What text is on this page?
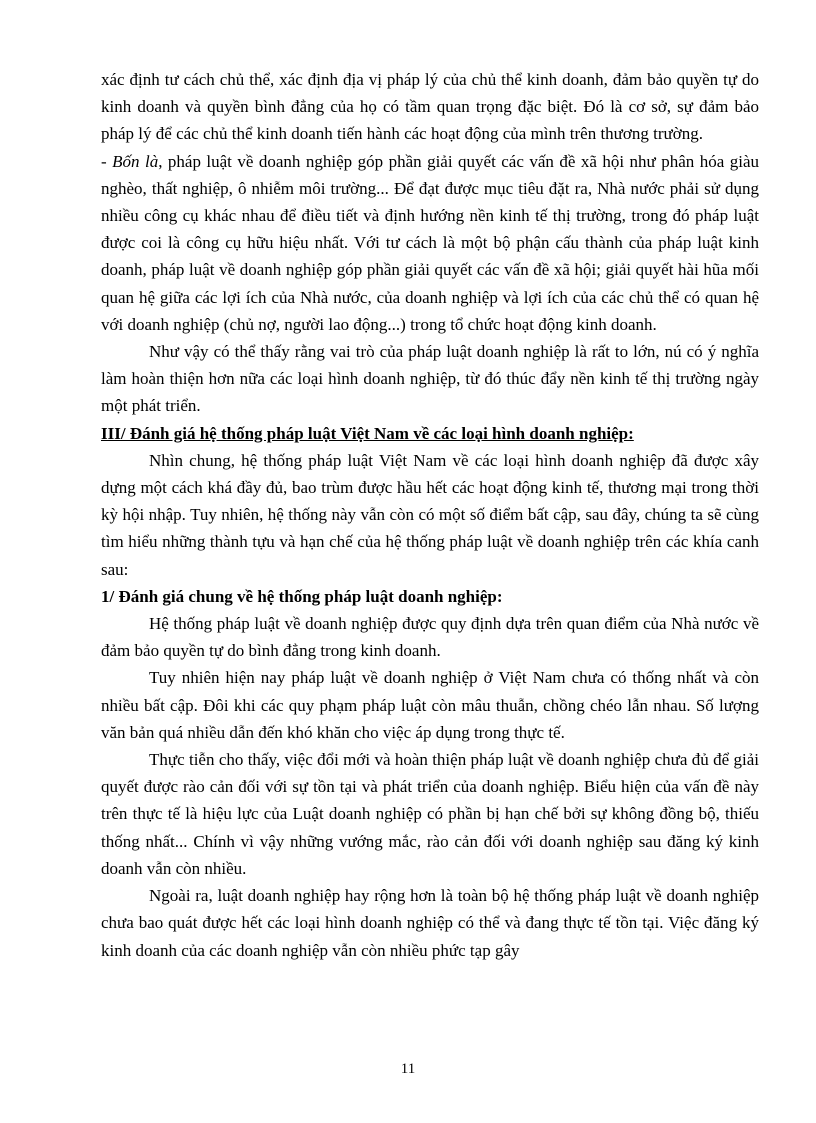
xác định tư cách chủ thể, xác định địa vị pháp lý của chủ thể kinh doanh, đảm bảo quyền tự do kinh doanh và quyền bình đẳng của họ có tầm quan trọng đặc biệt. Đó là cơ sở, sự đảm bảo pháp lý để các chủ thể kinh doanh tiến hành các hoạt động của mình trên thương trường.

- Bốn là, pháp luật về doanh nghiệp góp phần giải quyết các vấn đề xã hội như phân hóa giàu nghèo, thất nghiệp, ô nhiễm môi trường... Để đạt được mục tiêu đặt ra, Nhà nước phải sử dụng nhiều công cụ khác nhau để điều tiết và định hướng nền kinh tế thị trường, trong đó pháp luật được coi là công cụ hữu hiệu nhất. Với tư cách là một bộ phận cấu thành của pháp luật kinh doanh, pháp luật về doanh nghiệp góp phần giải quyết các vấn đề xã hội; giải quyết hài hũa mối quan hệ giữa các lợi ích của Nhà nước, của doanh nghiệp và lợi ích của các chủ thể có quan hệ với doanh nghiệp (chủ nợ, người lao động...) trong tổ chức hoạt động kinh doanh.

Như vậy có thể thấy rằng vai trò của pháp luật doanh nghiệp là rất to lớn, nú có ý nghĩa làm hoàn thiện hơn nữa các loại hình doanh nghiệp, từ đó thúc đẩy nền kinh tế thị trường ngày một phát triển.

III/ Đánh giá hệ thống pháp luật Việt Nam về các loại hình doanh nghiệp:

Nhìn chung, hệ thống pháp luật Việt Nam về các loại hình doanh nghiệp đã được xây dựng một cách khá đầy đủ, bao trùm được hầu hết các hoạt động kinh tế, thương mại trong thời kỳ hội nhập. Tuy nhiên, hệ thống này vẫn còn có một số điểm bất cập, sau đây, chúng ta sẽ cùng tìm hiểu những thành tựu và hạn chế của hệ thống pháp luật về doanh nghiệp trên các khía canh sau:

1/ Đánh giá chung về hệ thống pháp luật doanh nghiệp:

Hệ thống pháp luật về doanh nghiệp được quy định dựa trên quan điểm của Nhà nước về đảm bảo quyền tự do bình đẳng trong kinh doanh.

Tuy nhiên hiện nay pháp luật về doanh nghiệp ở Việt Nam chưa có thống nhất và còn nhiều bất cập. Đôi khi các quy phạm pháp luật còn mâu thuẫn, chồng chéo lẫn nhau. Số lượng văn bản quá nhiều dẫn đến khó khăn cho việc áp dụng trong thực tế.

Thực tiễn cho thấy, việc đổi mới và hoàn thiện pháp luật về doanh nghiệp chưa đủ để giải quyết được rào cản đối với sự tồn tại và phát triển của doanh nghiệp. Biểu hiện của vấn đề này trên thực tế là hiệu lực của Luật doanh nghiệp có phần bị hạn chế bởi sự không đồng bộ, thiếu thống nhất... Chính vì vậy những vướng mắc, rào cản đối với doanh nghiệp sau đăng ký kinh doanh vẫn còn nhiều.

Ngoài ra, luật doanh nghiệp hay rộng hơn là toàn bộ hệ thống pháp luật về doanh nghiệp chưa bao quát được hết các loại hình doanh nghiệp có thể và đang thực tế tồn tại. Việc đăng ký kinh doanh của các doanh nghiệp vẫn còn nhiều phức tạp gây

11
